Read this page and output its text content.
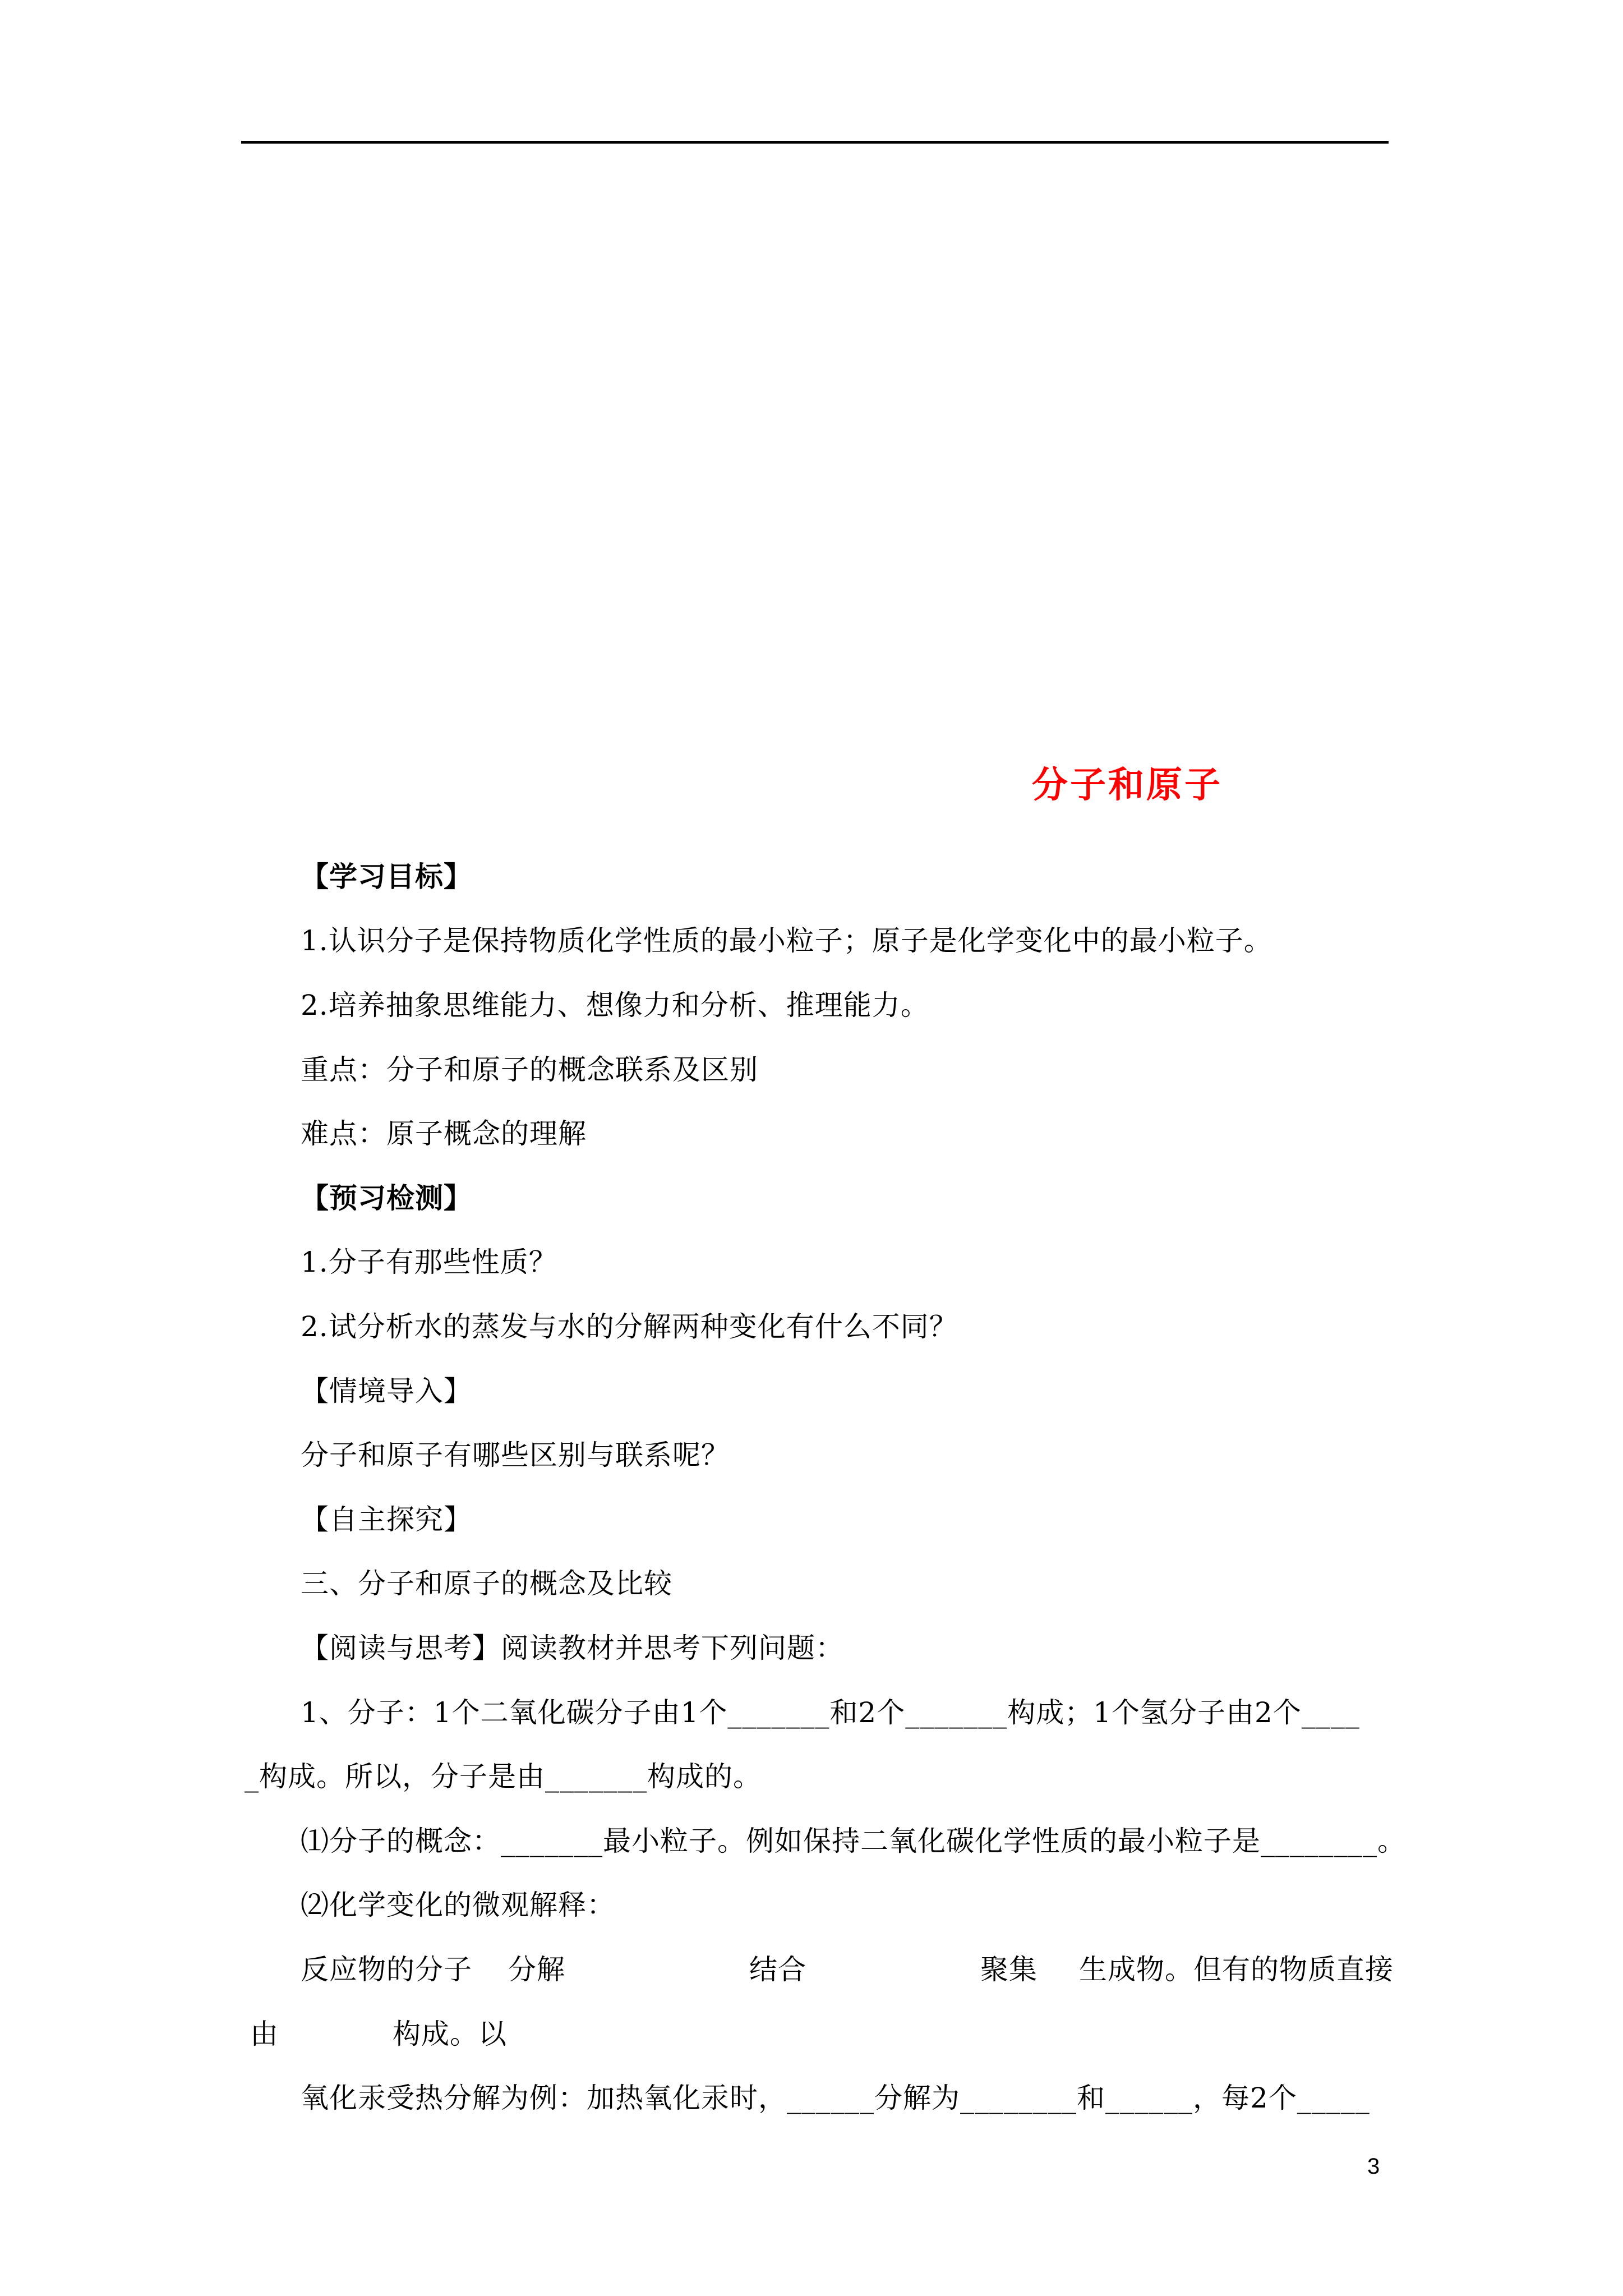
分子和原子
【学习目标】
1.认识分子是保持物质化学性质的最小粒子；原子是化学变化中的最小粒子。
2.培养抽象思维能力、想像力和分析、推理能力。
重点：分子和原子的概念联系及区别
难点：原子概念的理解
【预习检测】
1.分子有那些性质？
2.试分析水的蒸发与水的分解两种变化有什么不同？
【情境导入】
分子和原子有哪些区别与联系呢？
【自主探究】
三、分子和原子的概念及比较
【阅读与思考】阅读教材并思考下列问题：
1、分子：1个二氧化碳分子由1个_______和2个_______构成；1个氢分子由2个____
_构成。所以，分子是由_______构成的。
⑴分子的概念：_______最小粒子。例如保持二氧化碳化学性质的最小粒子是________。
⑵化学变化的微观解释：
反应物的分子 分解	结合	聚集 生成物。但有的物质直接
由	构成。以
氧化汞受热分解为例：加热氧化汞时，______分解为________和______，每2个_____
3
